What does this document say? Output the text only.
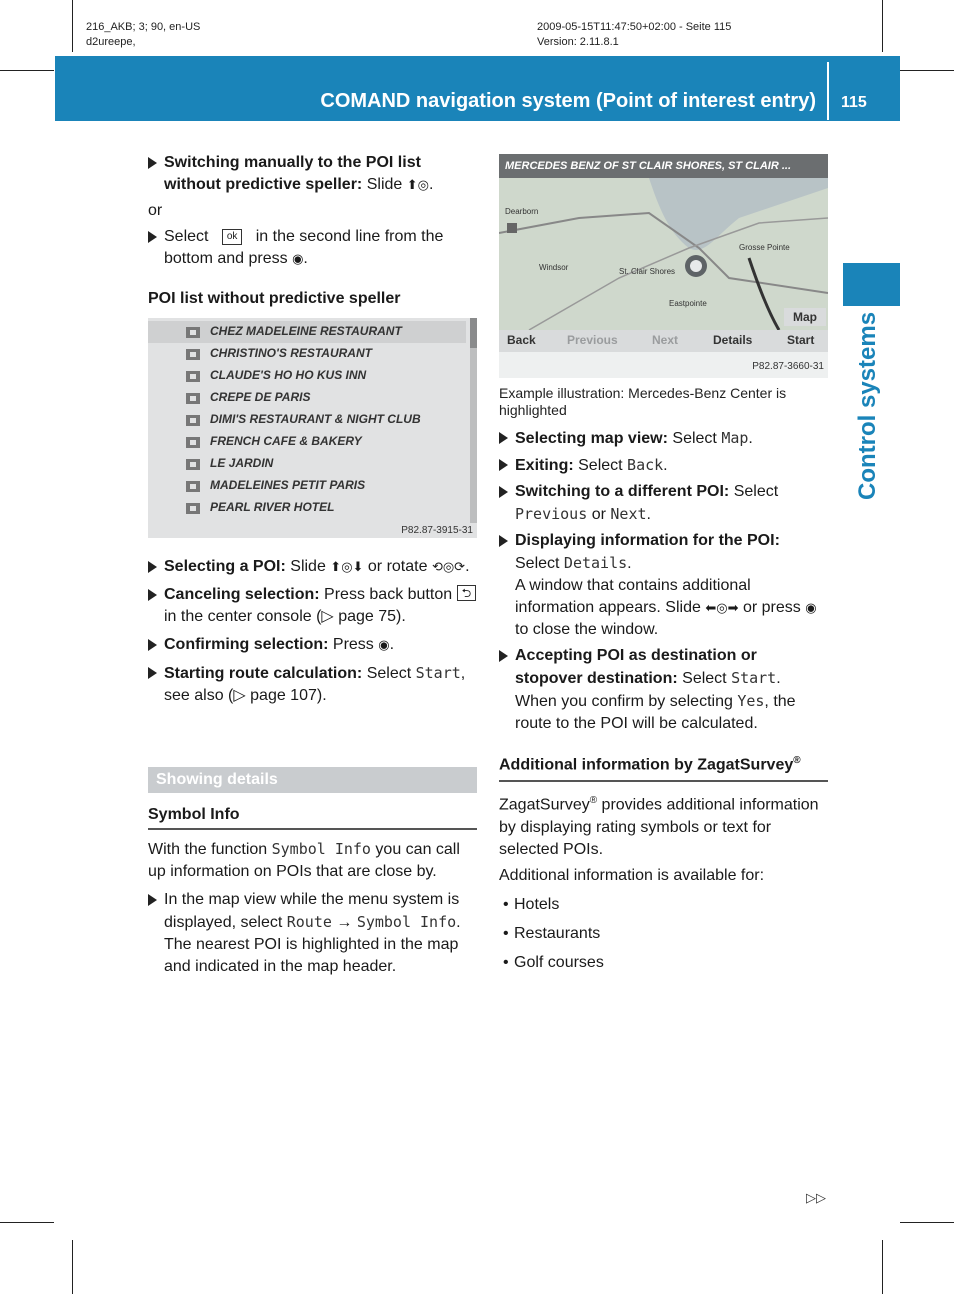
216_AKB; 3; 90, en-US
d2ureepe,
2009-05-15T11:47:50+02:00 - Seite 115
Version: 2.11.8.1
COMAND navigation system (Point of interest entry) 115
Control systems
Switching manually to the POI list without predictive speller: Slide ⬆◎.
or
Select ok in the second line from the bottom and press ◉.
POI list without predictive speller
CHEZ MADELEINE RESTAURANT
CHRISTINO'S RESTAURANT
CLAUDE'S HO HO KUS INN
CREPE DE PARIS
DIMI'S RESTAURANT & NIGHT CLUB
FRENCH CAFE & BAKERY
LE JARDIN
MADELEINES PETIT PARIS
PEARL RIVER HOTEL
P82.87-3915-31
Selecting a POI: Slide ⬆◎⬇ or rotate ⟲◎⟳.
Canceling selection: Press back button ⮌ in the center console (▷ page 75).
Confirming selection: Press ◉.
Starting route calculation: Select Start, see also (▷ page 107).
Showing details
Symbol Info
With the function Symbol Info you can call up information on POIs that are close by.
In the map view while the menu system is displayed, select Route → Symbol Info. The nearest POI is highlighted in the map and indicated in the map header.
MERCEDES BENZ OF ST CLAIR SHORES, ST CLAIR ...
Dearborn
Grosse Pointe
Windsor	St. Clair Shores
Eastpointe
Map
Back	Previous	Next	Details	Start
P82.87-3660-31
Example illustration: Mercedes-Benz Center is highlighted
Selecting map view: Select Map.
Exiting: Select Back.
Switching to a different POI: Select Previous or Next.
Displaying information for the POI: Select Details.
A window that contains additional information appears. Slide ⬅◎➡ or press ◉ to close the window.
Accepting POI as destination or stopover destination: Select Start.
When you confirm by selecting Yes, the route to the POI will be calculated.
Additional information by ZagatSurvey®
ZagatSurvey® provides additional information by displaying rating symbols or text for selected POIs.
Additional information is available for:
• Hotels
• Restaurants
• Golf courses
▷▷
